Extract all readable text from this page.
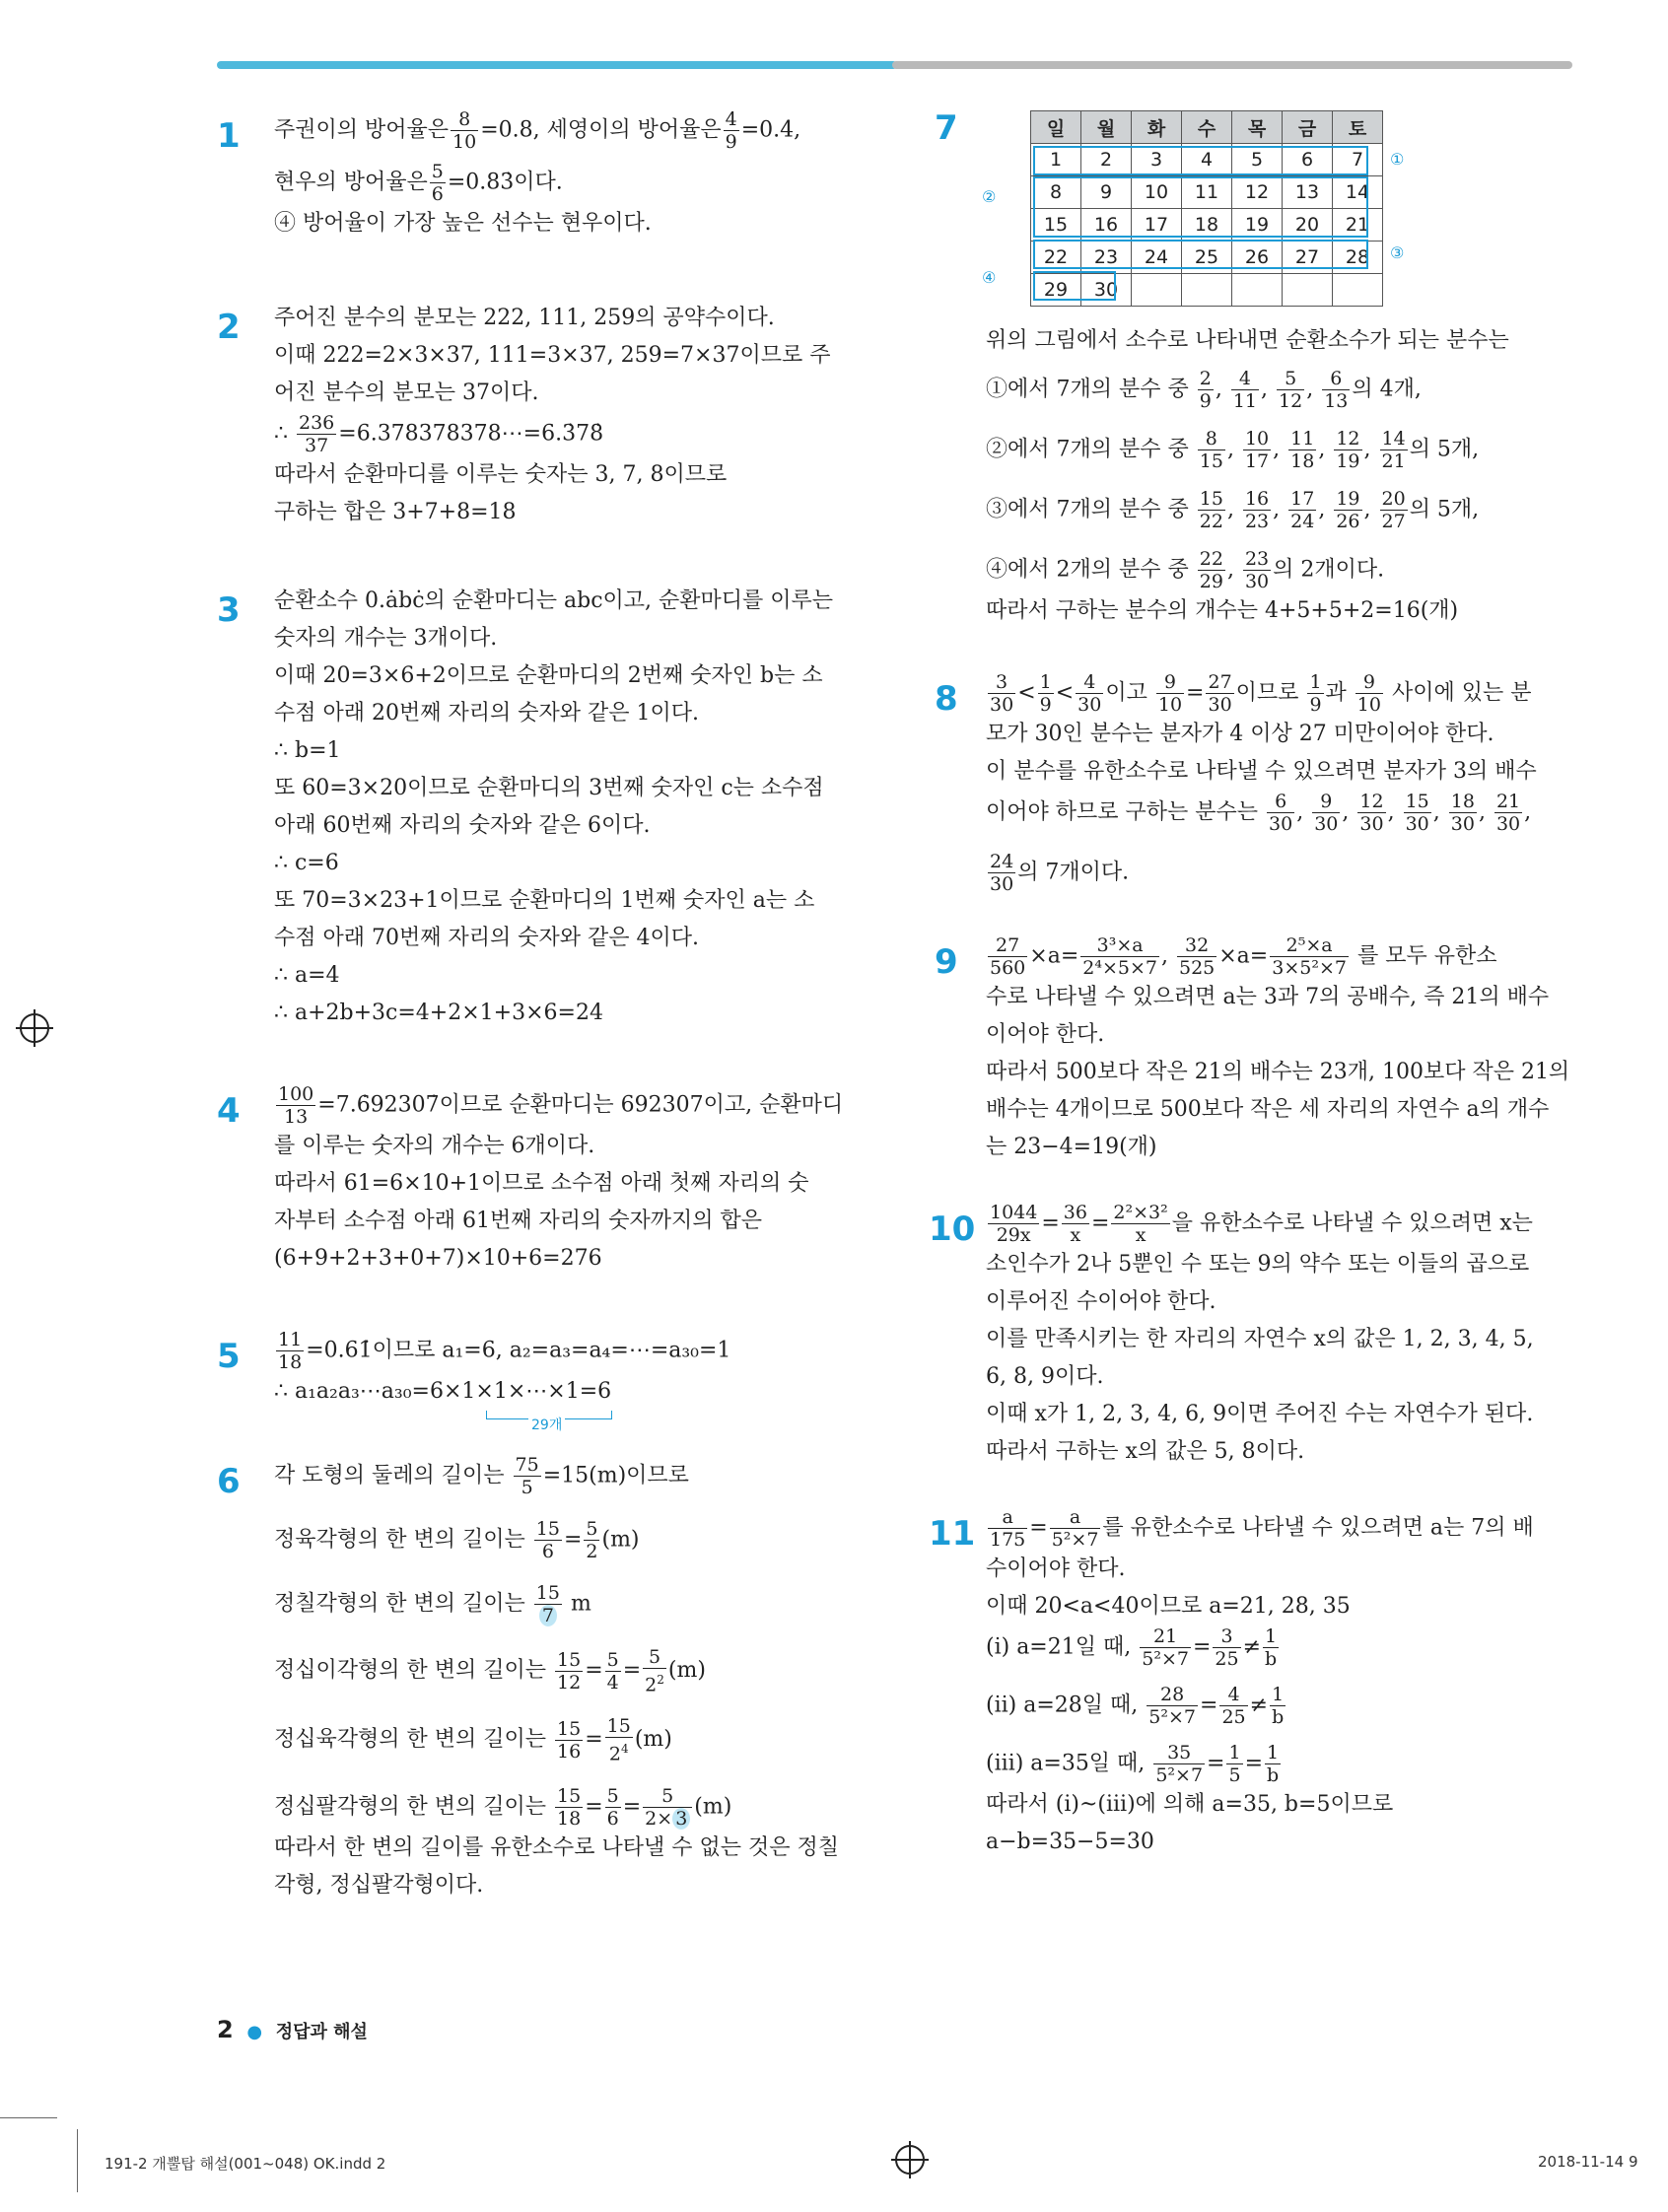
1 주권이의 방어율은 $\frac{8}{10} =0.8$, 세영이의 방어율은 $\frac{4}{9}$ =0.4̇,
현우의 방어율은 $\frac{5}{6}$ =0.83̇이다.
④ 방어율이 가장 높은 선수는 현우이다.
2 주어진 분수의 분모는 222, 111, 259의 공약수이다.
이때 222=2×3×37, 111=3×37, 259=7×37이므로 주
어진 분수의 분모는 37이다.
∴ $\frac{236}{37}$ =6.378378378⋯=6.3̇78̇
따라서 순환마디를 이루는 숫자는 3, 7, 8이므로
구하는 합은 3+7+8=18
3 순환소수 0.ȧbċ의 순환마디는 abc이고, 순환마디를 이루는
숫자의 개수는 3개이다.
이때 20=3×6+2이므로 순환마디의 2번째 숫자인 b는 소
수점 아래 20번째 자리의 숫자와 같은 1이다.
∴ b=1
또 60=3×20이므로 순환마디의 3번째 숫자인 c는 소수점
아래 60번째 자리의 숫자와 같은 6이다.
∴ c=6
또 70=3×23+1이므로 순환마디의 1번째 숫자인 a는 소
수점 아래 70번째 자리의 숫자와 같은 4이다.
∴ a=4
∴ a+2b+3c=4+2×1+3×6=24
$4 \frac{100}{13}$ =7.6̇92307̇이므로 순환마디는 692307이고, 순환마디
를 이루는 숫자의 개수는 6개이다.
따라서 61=6×10+1이므로 소수점 아래 첫째 자리의 숫
자부터 소수점 아래 61번째 자리의 숫자까지의 합은
(6+9+2+3+0+7)×10+6=276
$5 \frac{11}{18}$ =0.61̇이므로 a₁=6, a₂=a₃=a₄=⋯=a₃₀=1
∴ a₁a₂a₃⋯a₃₀=6×1×1×⋯×1=6
29개
6 각 도형의 둘레의 길이는 $\frac{75}{5} =15(m)$이므로
정육각형의 한 변의 길이는 $\frac{15}{6} = \frac{5}{2} (m)$
정칠각형의 한 변의 길이는 $\frac{15}{7}$ m
정십이각형의 한 변의 길이는 $\frac{15}{12} = \frac{5}{4} = \frac{5}{2^2} (m)$
정십육각형의 한 변의 길이는 $\frac{15}{16} = \frac{15}{2^4} (m)$
정십팔각형의 한 변의 길이는 $\frac{15}{18} = \frac{5}{6} = \frac{5}{2\times 3} (m)$
따라서 한 변의 길이를 유한소수로 나타낼 수 없는 것은 정칠
각형, 정십팔각형이다.
7	일	월	화	수	목	금	토
1	2	3	4	5	6	7
8	9	10	11	12	13	14
15	16	17	18	19	20	21
22	23	24	25	26	27	28
29	30					
①
②
③
④
위의 그림에서 소수로 나타내면 순환소수가 되는 분수는
①에서 7개의 분수 중 $\frac{2}{9}$ , $\frac{4}{11}$ , $\frac{5}{12}$ , $\frac{6}{13}$ 의 4개,
②에서 7개의 분수 중 $\frac{8}{15}$ , $\frac{10}{17}$ , $\frac{11}{18}$ , $\frac{12}{19}$ , $\frac{14}{21}$ 의 5개,
③에서 7개의 분수 중 $\frac{15}{22}$ , $\frac{16}{23}$ , $\frac{17}{24}$ , $\frac{19}{26}$ , $\frac{20}{27}$ 의 5개,
④에서 2개의 분수 중 $\frac{22}{29}$ , $\frac{23}{30}$ 의 2개이다.
따라서 구하는 분수의 개수는 4+5+5+2=16(개)
$8 \frac{3}{30} < \frac{1}{9} < \frac{4}{30}$ 이고 $\frac{9}{10} = \frac{27}{30}$ 이므로 $\frac{1}{9}$ 과 $\frac{9}{10}$ 사이에 있는 분
모가 30인 분수는 분자가 4 이상 27 미만이어야 한다.
이 분수를 유한소수로 나타낼 수 있으려면 분자가 3의 배수
이어야 하므로 구하는 분수는 $\frac{6}{30}$ , $\frac{9}{30}$ , $\frac{12}{30}$ , $\frac{15}{30}$ , $\frac{18}{30}$ , $\frac{21}{30}$ ,
$\frac{24}{30}$ 의 7개이다.
$9 \frac{27}{560} \times a= \frac{\text{3³×a}}{\text{2⁴×5×7}}$ , $\frac{32}{525} \times a= \frac{\text{2⁵×a}}{\text{3×5²×7}}$ 를 모두 유한소
수로 나타낼 수 있으려면 a는 3과 7의 공배수, 즉 21의 배수
이어야 한다.
따라서 500보다 작은 21의 배수는 23개, 100보다 작은 21의
배수는 4개이므로 500보다 작은 세 자리의 자연수 a의 개수
는 23−4=19(개)
$10 \frac{1044}{29x} = \frac{36}{x} = \frac{\text{2²×3²}}{x}$ 을 유한소수로 나타낼 수 있으려면 x는
소인수가 2나 5뿐인 수 또는 9의 약수 또는 이들의 곱으로
이루어진 수이어야 한다.
이를 만족시키는 한 자리의 자연수 x의 값은 1, 2, 3, 4, 5,
6, 8, 9이다.
이때 x가 1, 2, 3, 4, 6, 9이면 주어진 수는 자연수가 된다.
따라서 구하는 x의 값은 5, 8이다.
$11 \frac{a}{175} = \frac{a}{\text{5²×7}}$ 를 유한소수로 나타낼 수 있으려면 a는 7의 배
수이어야 한다.
이때 20<a<40이므로 a=21, 28, 35
(ⅰ) a=21일 때, $\frac{21}{\text{5²×7}} = \frac{3}{25} \ne \frac{1}{b}$
(ⅱ) a=28일 때, $\frac{28}{\text{5²×7}} = \frac{4}{25} \ne \frac{1}{b}$
(ⅲ) a=35일 때, $\frac{35}{\text{5²×7}} = \frac{1}{5} = \frac{1}{b}$
따라서 (ⅰ)~(ⅲ)에 의해 a=35, b=5이므로
a−b=35−5=30
2 ● 정답과 해설
191-2 개뿔탑 해설(001~048) OK.indd 2	2018-11-14 9
